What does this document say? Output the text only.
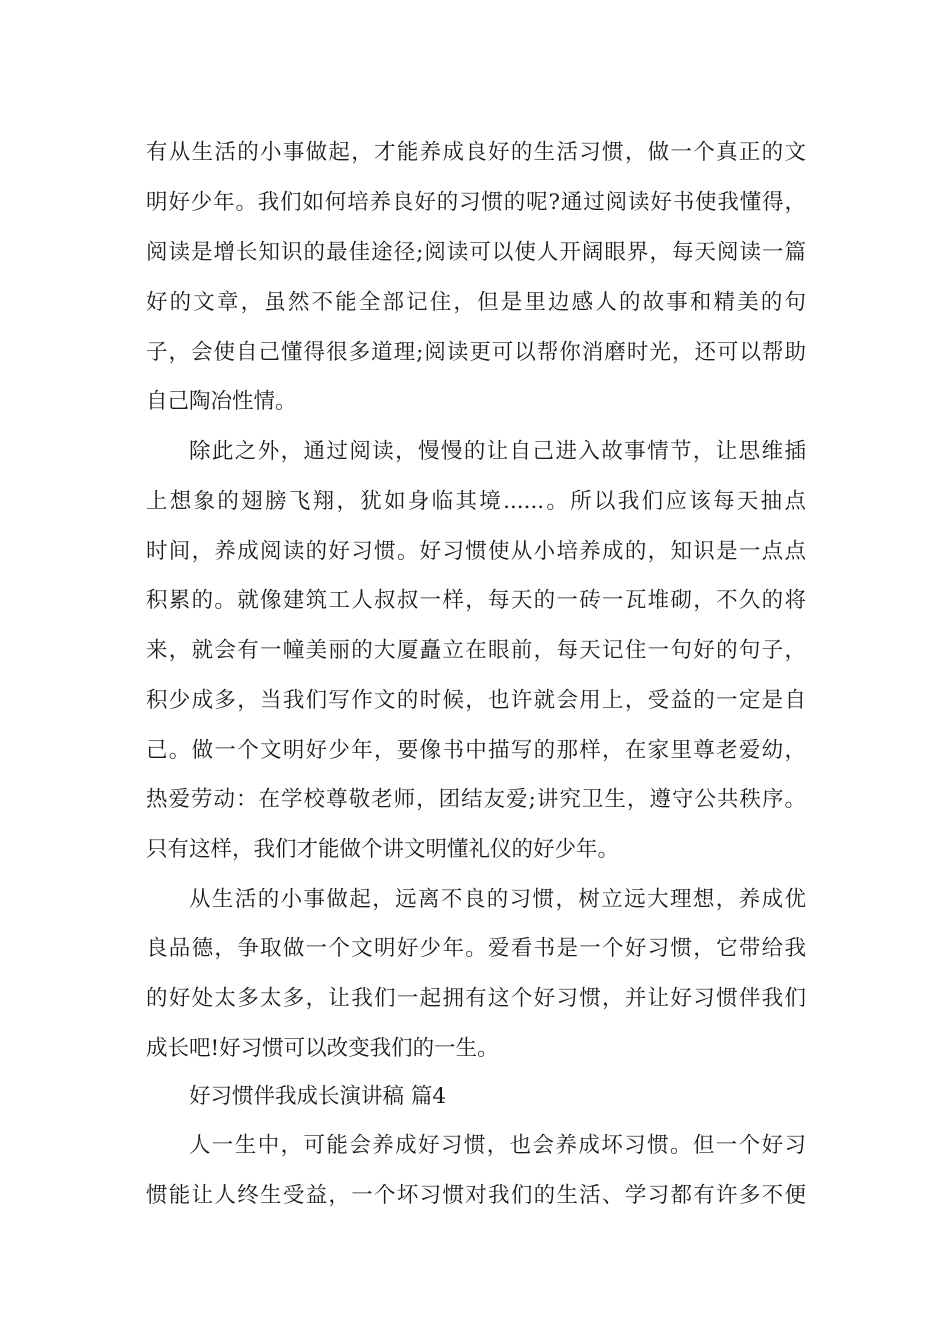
有从生活的小事做起，才能养成良好的生活习惯，做一个真正的文
明好少年。我们如何培养良好的习惯的呢?通过阅读好书使我懂得，
阅读是增长知识的最佳途径;阅读可以使人开阔眼界，每天阅读一篇
好的文章，虽然不能全部记住，但是里边感人的故事和精美的句
子，会使自己懂得很多道理;阅读更可以帮你消磨时光，还可以帮助
自己陶冶性情。
除此之外，通过阅读，慢慢的让自己进入故事情节，让思维插
上想象的翅膀飞翔，犹如身临其境......。所以我们应该每天抽点
时间，养成阅读的好习惯。好习惯使从小培养成的，知识是一点点
积累的。就像建筑工人叔叔一样，每天的一砖一瓦堆砌，不久的将
来，就会有一幢美丽的大厦矗立在眼前，每天记住一句好的句子，
积少成多，当我们写作文的时候，也许就会用上，受益的一定是自
己。做一个文明好少年，要像书中描写的那样，在家里尊老爱幼，
热爱劳动：在学校尊敬老师，团结友爱;讲究卫生，遵守公共秩序。
只有这样，我们才能做个讲文明懂礼仪的好少年。
从生活的小事做起，远离不良的习惯，树立远大理想，养成优
良品德，争取做一个文明好少年。爱看书是一个好习惯，它带给我
的好处太多太多，让我们一起拥有这个好习惯，并让好习惯伴我们
成长吧!好习惯可以改变我们的一生。
好习惯伴我成长演讲稿 篇4
人一生中，可能会养成好习惯，也会养成坏习惯。但一个好习
惯能让人终生受益，一个坏习惯对我们的生活、学习都有许多不便
